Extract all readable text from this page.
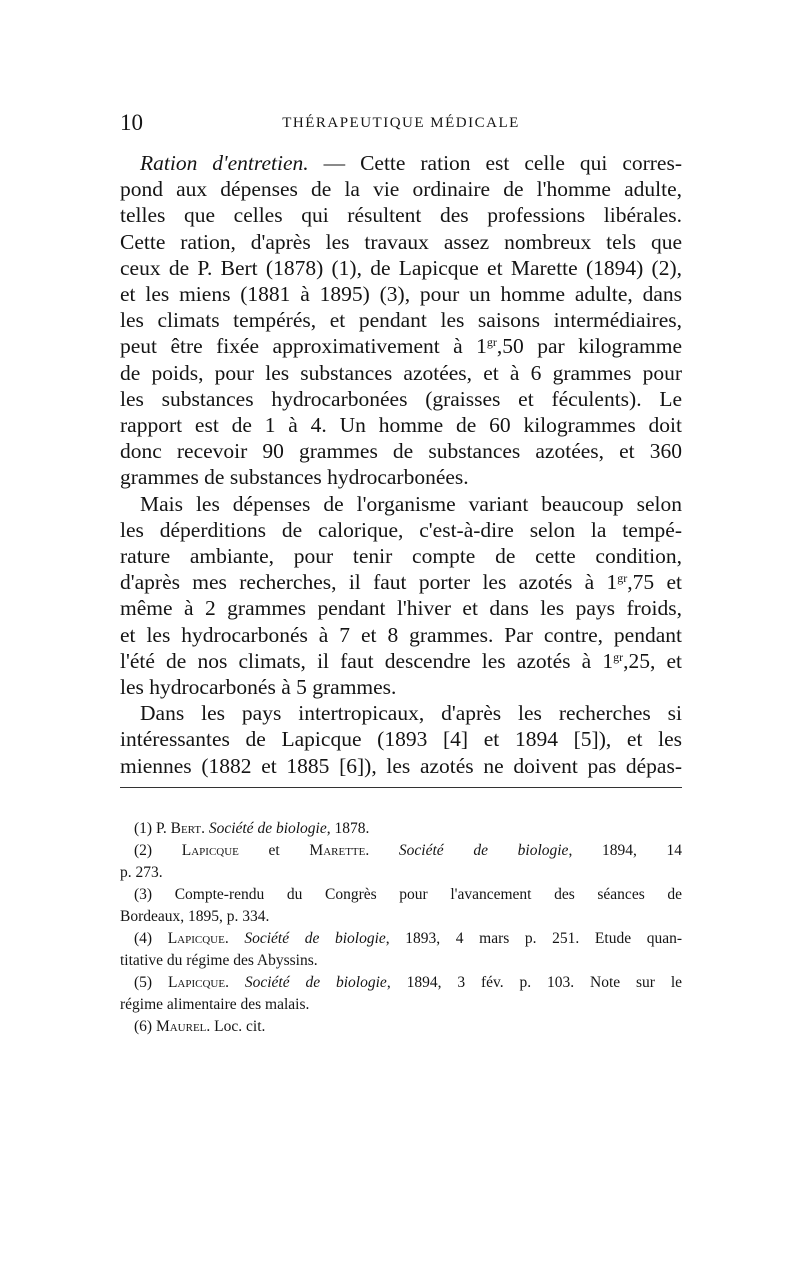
10	THÉRAPEUTIQUE MÉDICALE
Ration d'entretien. — Cette ration est celle qui corres-
pond aux dépenses de la vie ordinaire de l'homme adulte,
telles que celles qui résultent des professions libérales.
Cette ration, d'après les travaux assez nombreux tels que
ceux de P. Bert (1878) (1), de Lapicque et Marette (1894) (2),
et les miens (1881 à 1895) (3), pour un homme adulte, dans
les climats tempérés, et pendant les saisons intermédiaires,
peut être fixée approximativement à $1^{gr},50$ par kilogramme
de poids, pour les substances azotées, et à 6 grammes pour
les substances hydrocarbonées (graisses et féculents). Le
rapport est de 1 à 4. Un homme de 60 kilogrammes doit
donc recevoir 90 grammes de substances azotées, et 360
grammes de substances hydrocarbonées.
Mais les dépenses de l'organisme variant beaucoup selon
les déperditions de calorique, c'est-à-dire selon la tempé-
rature ambiante, pour tenir compte de cette condition,
d'après mes recherches, il faut porter les azotés à $1^{gr},75$ et
même à 2 grammes pendant l'hiver et dans les pays froids,
et les hydrocarbonés à 7 et 8 grammes. Par contre, pendant
l'été de nos climats, il faut descendre les azotés à $1^{gr},25$, et
les hydrocarbonés à 5 grammes.
Dans les pays intertropicaux, d'après les recherches si
intéressantes de Lapicque (1893 [4] et 1894 [5]), et les
miennes (1882 et 1885 [6]), les azotés ne doivent pas dépas-
(1) P. Bert. Société de biologie, 1878.
(2) Lapicque et Marette. Société de biologie, 1894, 14
p. 273.
(3) Compte-rendu du Congrès pour l'avancement des séances de
Bordeaux, 1895, p. 334.
(4) Lapicque. Société de biologie, 1893, 4 mars p. 251. Etude quan-
titative du régime des Abyssins.
(5) Lapicque. Société de biologie, 1894, 3 fév. p. 103. Note sur le
régime alimentaire des malais.
(6) Maurel. Loc. cit.
